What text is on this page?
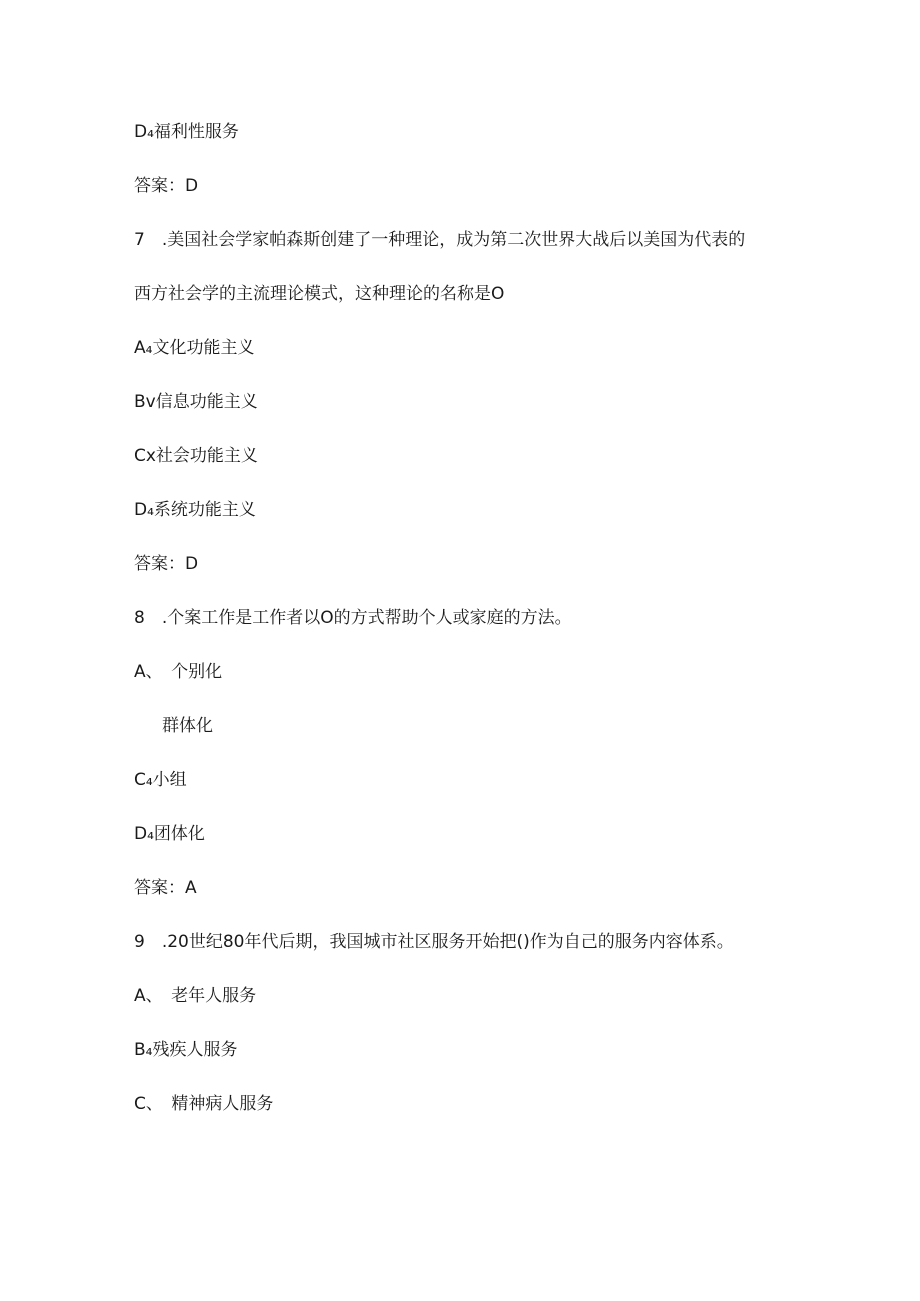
D₄福利性服务
答案：D
7　.美国社会学家帕森斯创建了一种理论，成为第二次世界大战后以美国为代表的
西方社会学的主流理论模式，这种理论的名称是O
A₄文化功能主义
Bv信息功能主义
Cx社会功能主义
D₄系统功能主义
答案：D
8　.个案工作是工作者以O的方式帮助个人或家庭的方法。
A、　个别化
群体化
C₄小组
D₄团体化
答案：A
9　.20世纪80年代后期，我国城市社区服务开始把()作为自己的服务内容体系。
A、　老年人服务
B₄残疾人服务
C、　精神病人服务
